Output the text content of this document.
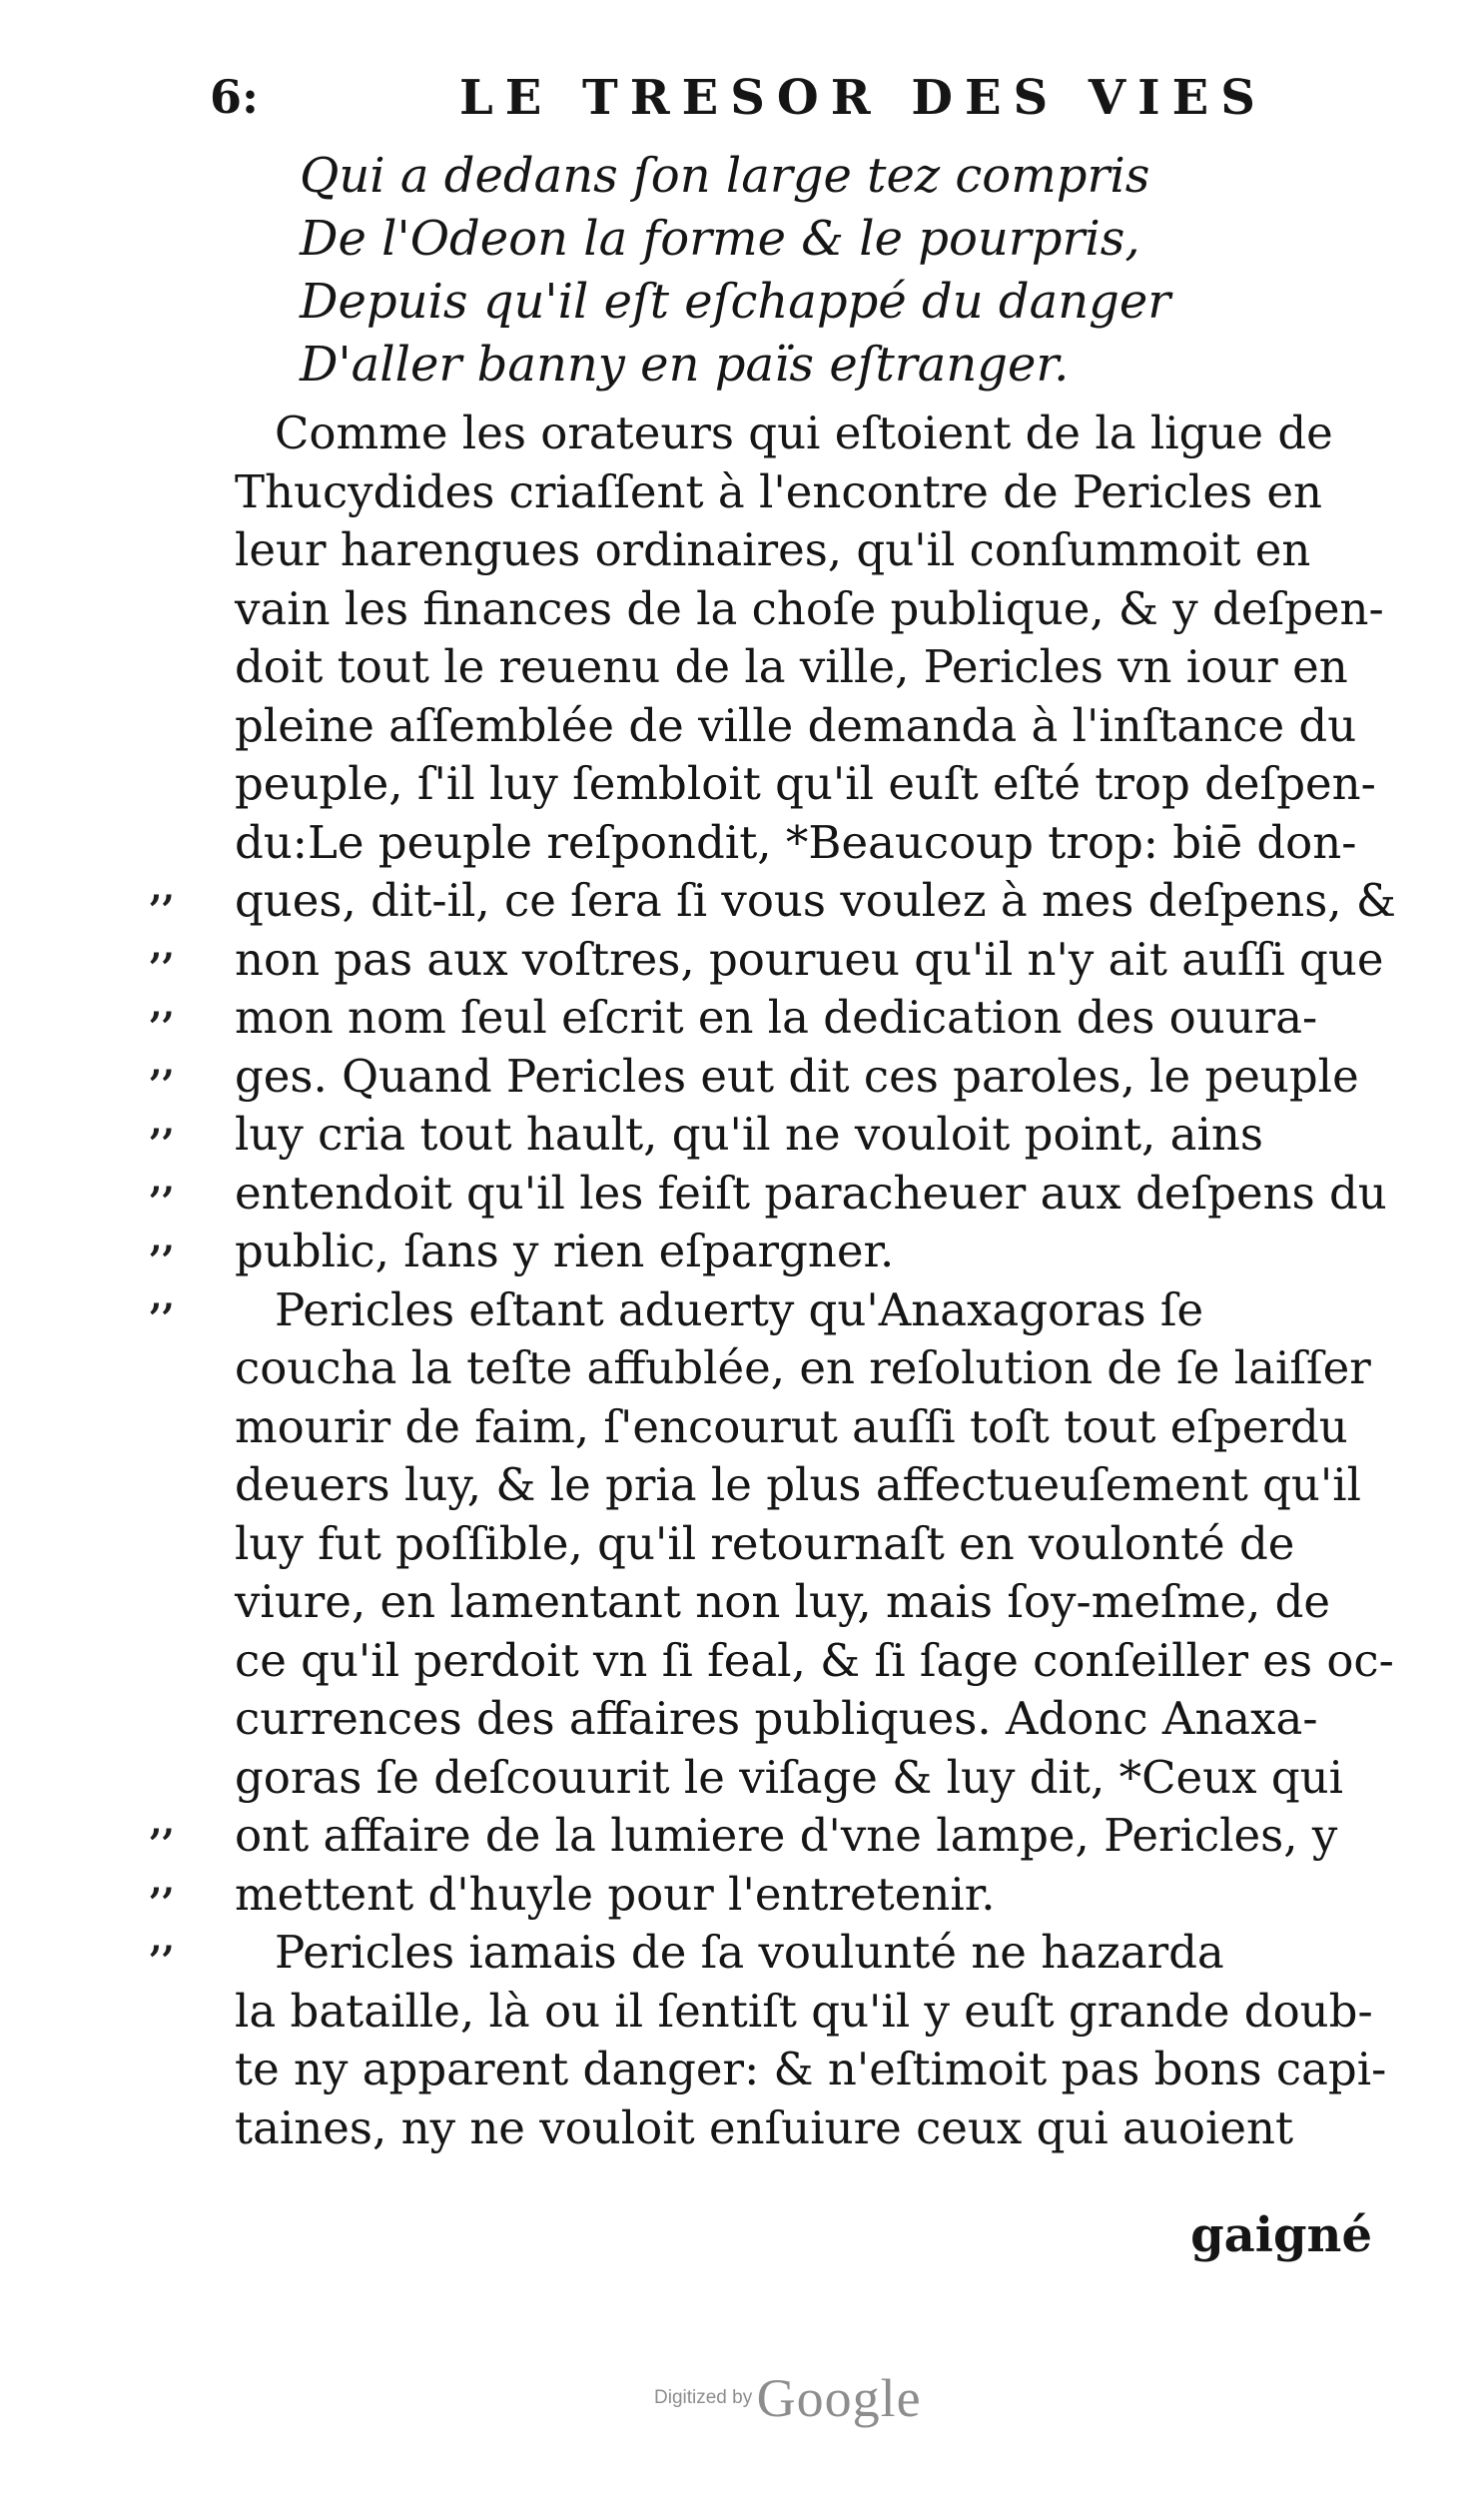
6:	LE TRESOR DES VIES
Qui a dedans ſon large tez compris
De l'Odeon la forme & le pourpris,
Depuis qu'il eſt eſchappé du danger
D'aller banny en païs eſtranger.
Comme les orateurs qui eſtoient de la ligue de
Thucydides criaſſent à l'encontre de Pericles en
leur harengues ordinaires, qu'il conſummoit en
vain les finances de la choſe publique, & y deſpen-
doit tout le reuenu de la ville, Pericles vn iour en
pleine aſſemblée de ville demanda à l'inſtance du
peuple, ſ'il luy ſembloit qu'il euſt eſté trop deſpen-
du:Le peuple reſpondit, *Beaucoup trop: biē don-
ques, dit-il, ce ſera ſi vous voulez à mes deſpens, &
non pas aux voſtres, pourueu qu'il n'y ait auſſi que
mon nom ſeul eſcrit en la dedication des ouura-
ges. Quand Pericles eut dit ces paroles, le peuple
luy cria tout hault, qu'il ne vouloit point, ains
entendoit qu'il les feiſt paracheuer aux deſpens du
public, ſans y rien eſpargner.
Pericles eſtant aduerty qu'Anaxagoras ſe
coucha la teſte affublée, en reſolution de ſe laiſſer
mourir de faim, ſ'encourut auſſi toſt tout eſperdu
deuers luy, & le pria le plus affectueuſement qu'il
luy fut poſſible, qu'il retournaſt en voulonté de
viure, en lamentant non luy, mais ſoy-meſme, de
ce qu'il perdoit vn ſi feal, & ſi ſage conſeiller es oc-
currences des affaires publiques. Adonc Anaxa-
goras ſe deſcouurit le viſage & luy dit, *Ceux qui
ont affaire de la lumiere d'vne lampe, Pericles, y
mettent d'huyle pour l'entretenir.
Pericles iamais de ſa voulunté ne hazarda
la bataille, là ou il ſentiſt qu'il y euſt grande doub-
te ny apparent danger: & n'eſtimoit pas bons capi-
taines, ny ne vouloit enſuiure ceux qui auoient
,,
,,
,,
,,
,,
,,
,,
,,
,,
,,
,,
gaigné
Digitized by Google
